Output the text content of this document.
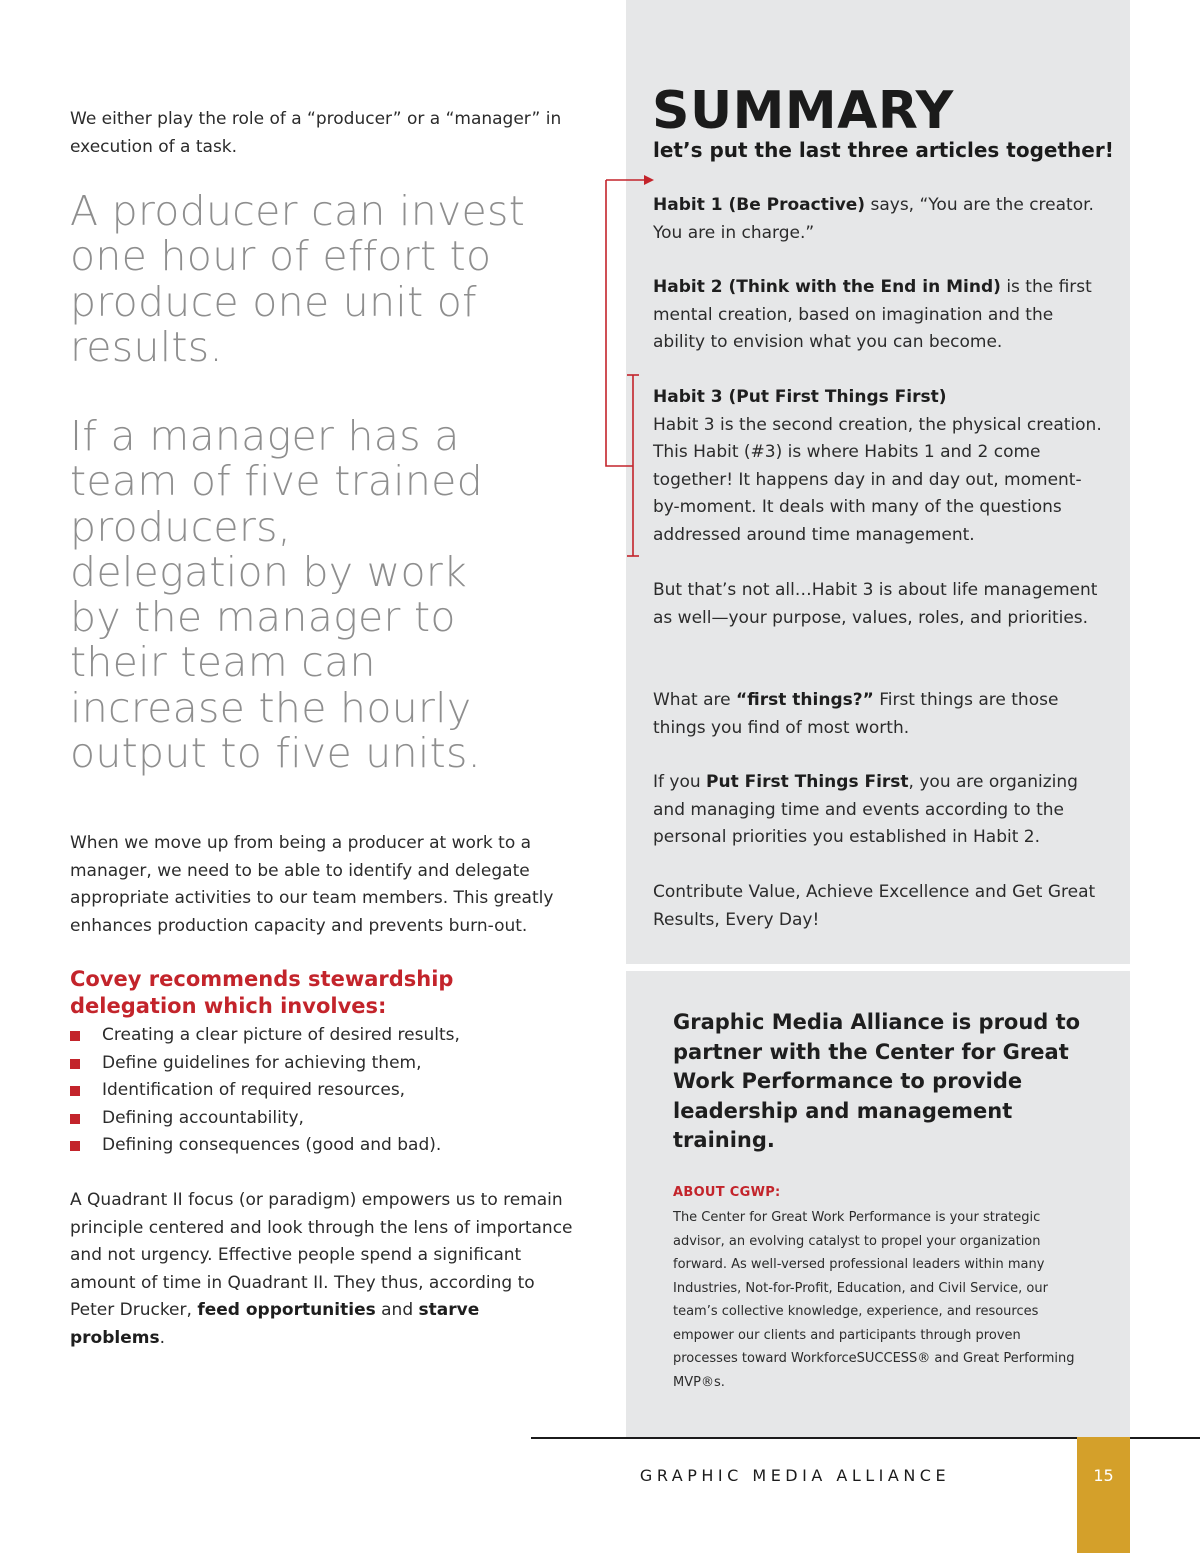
We either play the role of a “producer” or a “manager” in execution of a task.
A producer can invest one hour of effort to produce one unit of results.
If a manager has a team of five trained producers, delegation by work by the manager to their team can increase the hourly output to five units.
When we move up from being a producer at work to a manager, we need to be able to identify and delegate appropriate activities to our team members. This greatly enhances production capacity and prevents burn-out.
Covey recommends stewardship delegation which involves:
Creating a clear picture of desired results,
Define guidelines for achieving them,
Identification of required resources,
Defining accountability,
Defining consequences (good and bad).
A Quadrant II focus (or paradigm) empowers us to remain principle centered and look through the lens of importance and not urgency. Effective people spend a significant amount of time in Quadrant II. They thus, according to Peter Drucker, feed opportunities and starve problems.
SUMMARY
let’s put the last three articles together!
Habit 1 (Be Proactive) says, “You are the creator. You are in charge.”
Habit 2 (Think with the End in Mind) is the first mental creation, based on imagination and the ability to envision what you can become.
Habit 3 (Put First Things First)
Habit 3 is the second creation, the physical creation. This Habit (#3) is where Habits 1 and 2 come together! It happens day in and day out, moment-by-moment. It deals with many of the questions addressed around time management.
But that’s not all…Habit 3 is about life management as well—your purpose, values, roles, and priorities.
What are “first things?” First things are those things you find of most worth.
If you Put First Things First, you are organizing and managing time and events according to the personal priorities you established in Habit 2.
Contribute Value, Achieve Excellence and Get Great Results, Every Day!
Graphic Media Alliance is proud to partner with the Center for Great Work Performance to provide leadership and management training.
ABOUT CGWP:
The Center for Great Work Performance is your strategic advisor, an evolving catalyst to propel your organization forward. As well-versed professional leaders within many Industries, Not-for-Profit, Education, and Civil Service, our team’s collective knowledge, experience, and resources empower our clients and participants through proven processes toward WorkforceSUCCESS® and Great Performing MVP®s.
GRAPHIC MEDIA ALLIANCE	15
